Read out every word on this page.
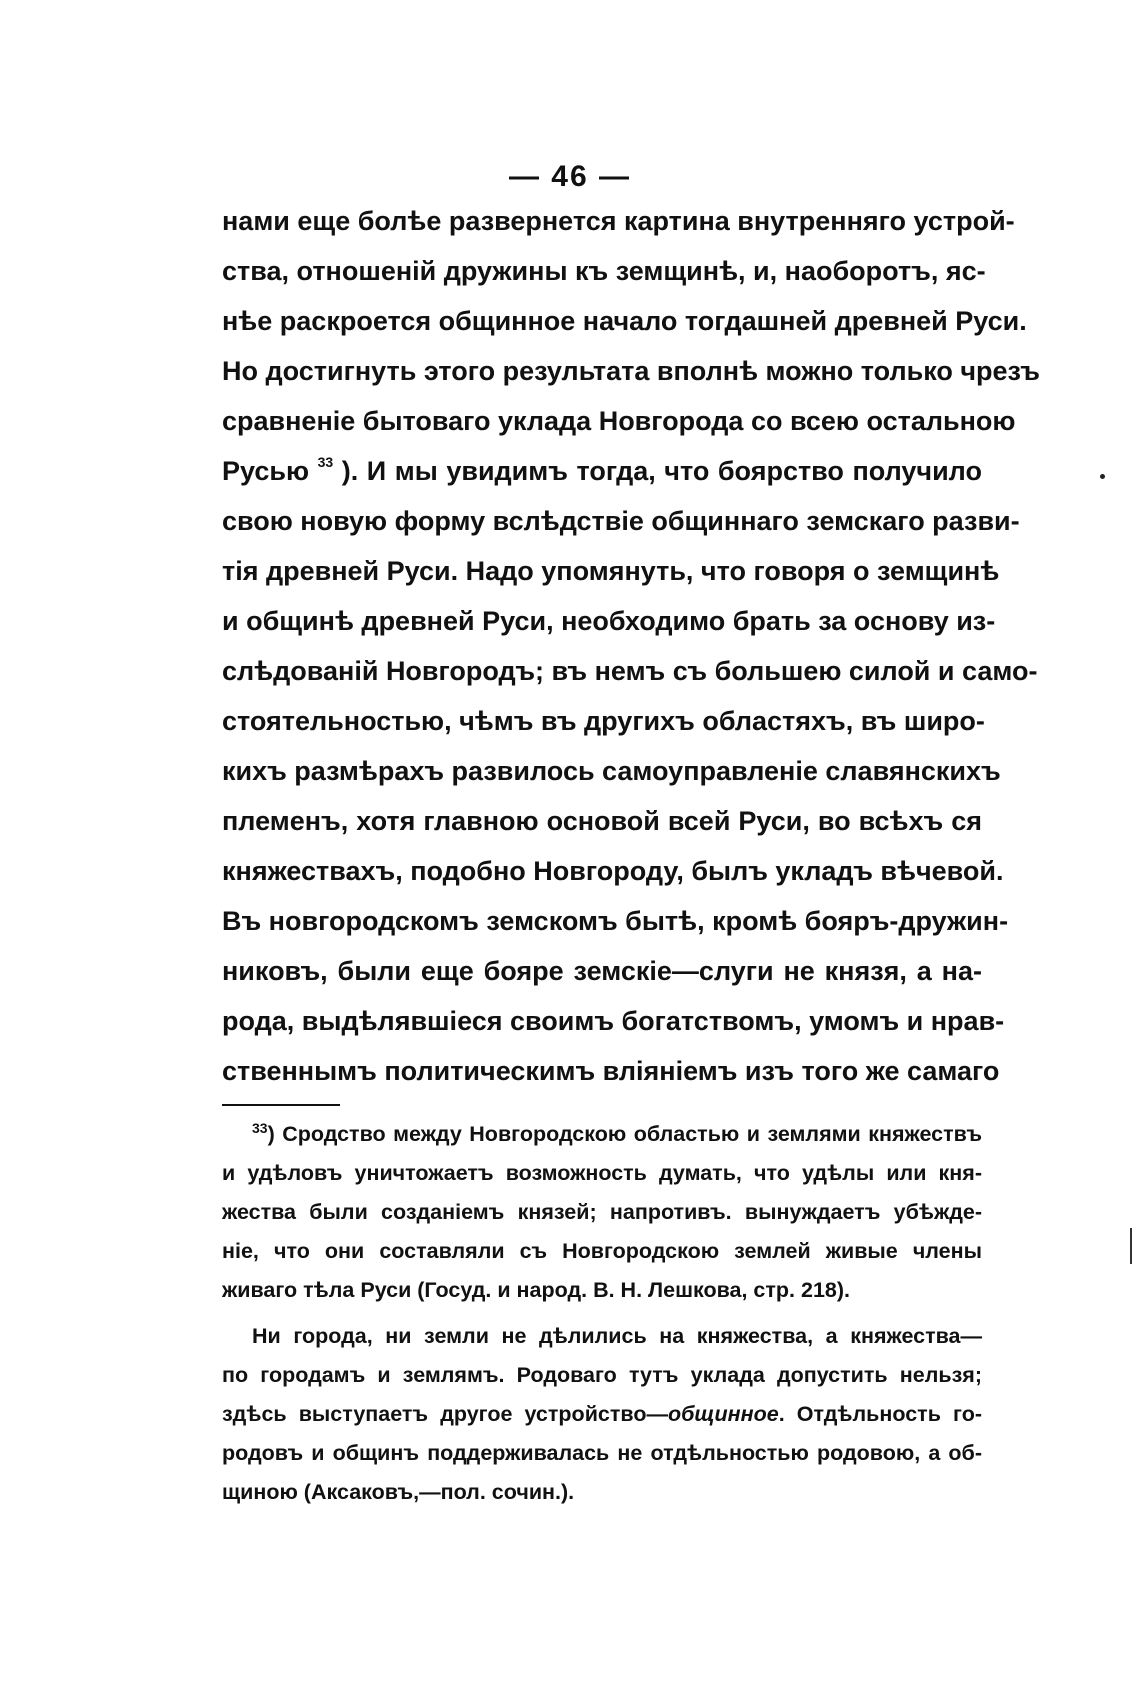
— 46 —
нами еще болѣе развернется картина внутренняго устрой-
ства, отношеній дружины къ земщинѣ, и, наоборотъ, яс-
нѣе раскроется общинное начало тогдашней древней Руси.
Но достигнуть этого результата вполнѣ можно только чрезъ
сравненіе бытоваго уклада Новгорода со всею остальною
Русью $^{33}$ ). И мы увидимъ тогда, что боярство получило
свою новую форму вслѣдствіе общиннаго земскаго разви-
тія древней Руси. Надо упомянуть, что говоря о земщинѣ
и общинѣ древней Руси, необходимо брать за основу из-
слѣдованій Новгородъ; въ немъ съ большею силой и само-
стоятельностью, чѣмъ въ другихъ областяхъ, въ широ-
кихъ размѣрахъ развилось самоуправленіе славянскихъ
племенъ, хотя главною основой всей Руси, во всѣхъ ся
княжествахъ, подобно Новгороду, былъ укладъ вѣчевой.
Въ новгородскомъ земскомъ бытѣ, кромѣ бояръ-дружин-
никовъ, были еще бояре земскіе—слуги не князя, а на-
рода, выдѣлявшіеся своимъ богатствомъ, умомъ и нрав-
ственнымъ политическимъ вліяніемъ изъ того же самаго
$^{33}$) Сродство между Новгородскою областью и землями княжествъ
и удѣловъ уничтожаетъ возможность думать, что удѣлы или кня-
жества были созданіемъ князей; напротивъ. вынуждаетъ убѣжде-
ніе, что они составляли съ Новгородскою землей живые члены
живаго тѣла Руси (Госуд. и народ. В. Н. Лешкова, стр. 218).
Ни города, ни земли не дѣлились на княжества, а княжества—
по городамъ и землямъ. Родоваго тутъ уклада допустить нельзя;
здѣсь выступаетъ другое устройство—общинное. Отдѣльность го-
родовъ и общинъ поддерживалась не отдѣльностью родовою, а об-
щиною (Аксаковъ,—пол. сочин.).
